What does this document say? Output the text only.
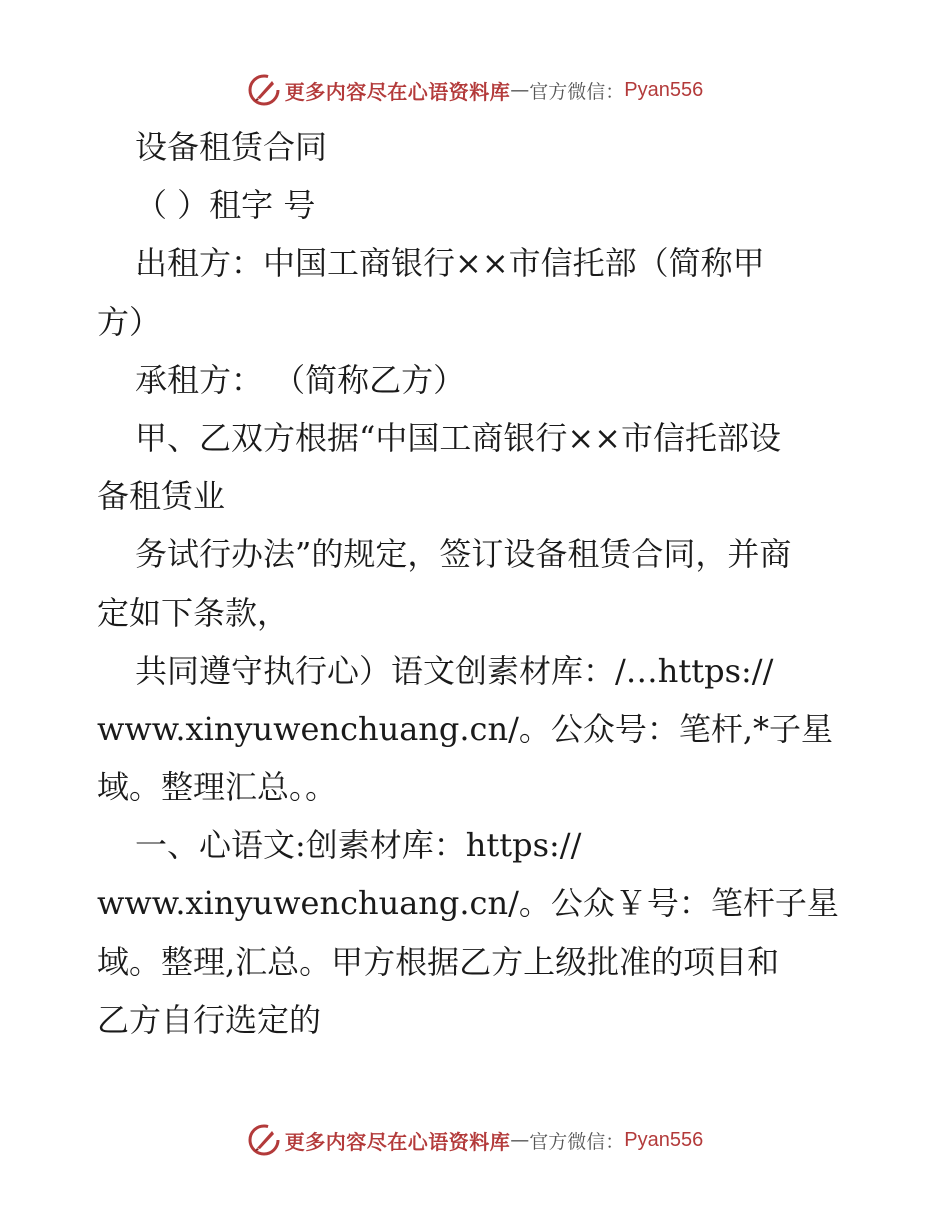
更多内容尽在心语资料库 — 官方微信： Pyan556
设备租赁合同
（ ）租字 号
出租方：中国工商银行××市信托部（简称甲
方）
承租方： （简称乙方）
甲、乙双方根据“中国工商银行××市信托部设
备租赁业
务试行办法”的规定，签订设备租赁合同，并商
定如下条款，
共同遵守执行心）语文创素材库：/…https://
www.xinyuwenchuang.cn/。公众号：笔杆,*子星
域。整理汇总。。
一、心语文:创素材库：https://
www.xinyuwenchuang.cn/。公众￥号：笔杆子星
域。整理,汇总。甲方根据乙方上级批准的项目和
乙方自行选定的
更多内容尽在心语资料库 — 官方微信： Pyan556
